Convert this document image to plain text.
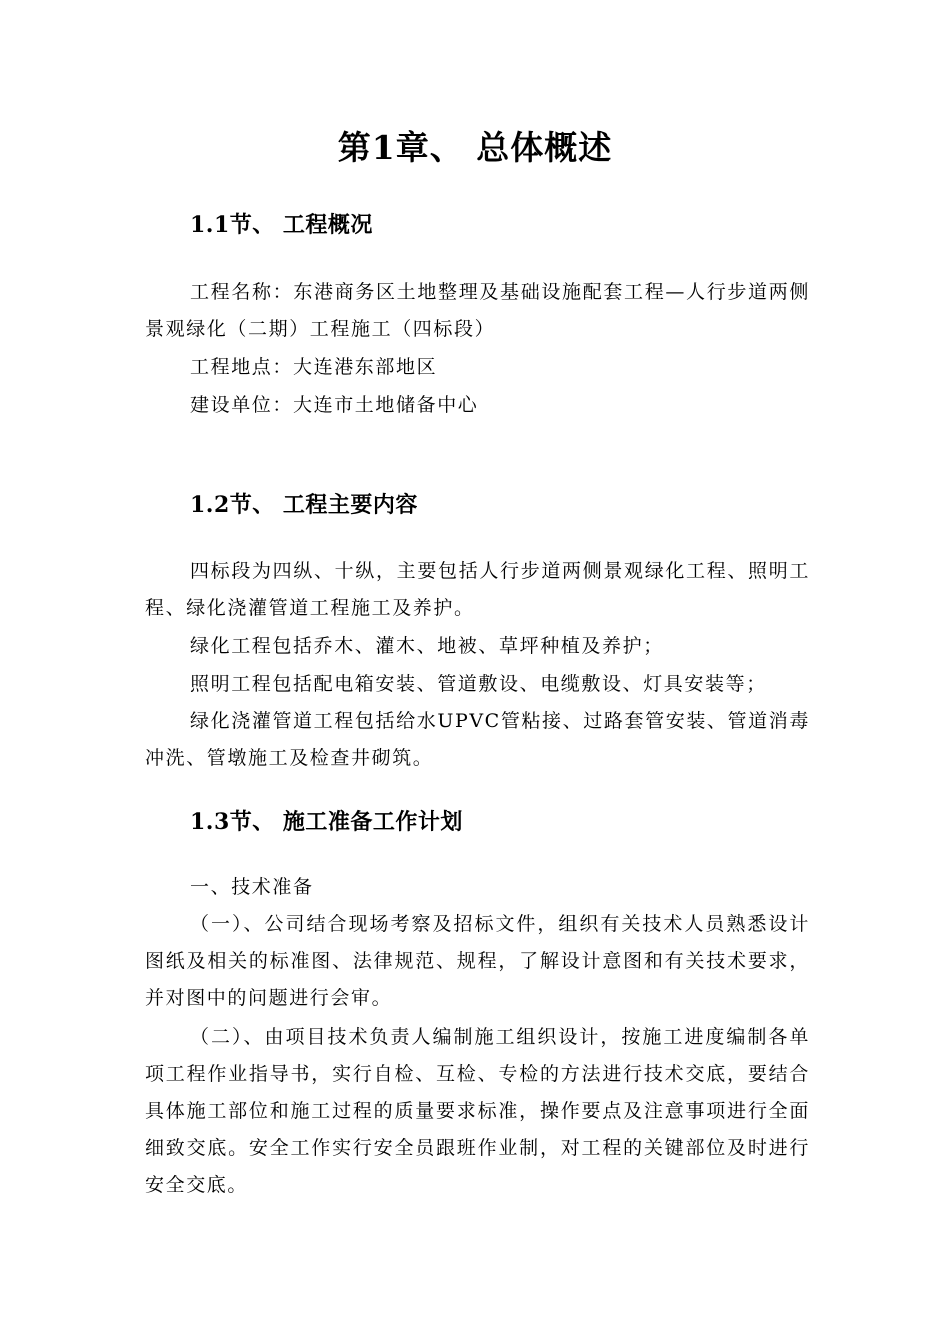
第1章、 总体概述
1.1节、 工程概况
工程名称：东港商务区土地整理及基础设施配套工程—人行步道两侧景观绿化（二期）工程施工（四标段）
工程地点：大连港东部地区
建设单位：大连市土地储备中心
1.2节、 工程主要内容
四标段为四纵、十纵，主要包括人行步道两侧景观绿化工程、照明工程、绿化浇灌管道工程施工及养护。
绿化工程包括乔木、灌木、地被、草坪种植及养护；
照明工程包括配电箱安装、管道敷设、电缆敷设、灯具安装等；
绿化浇灌管道工程包括给水UPVC管粘接、过路套管安装、管道消毒冲洗、管墩施工及检查井砌筑。
1.3节、 施工准备工作计划
一、技术准备
（一）、公司结合现场考察及招标文件，组织有关技术人员熟悉设计图纸及相关的标准图、法律规范、规程，了解设计意图和有关技术要求，并对图中的问题进行会审。
（二）、由项目技术负责人编制施工组织设计，按施工进度编制各单项工程作业指导书，实行自检、互检、专检的方法进行技术交底，要结合具体施工部位和施工过程的质量要求标准，操作要点及注意事项进行全面细致交底。安全工作实行安全员跟班作业制，对工程的关键部位及时进行安全交底。
